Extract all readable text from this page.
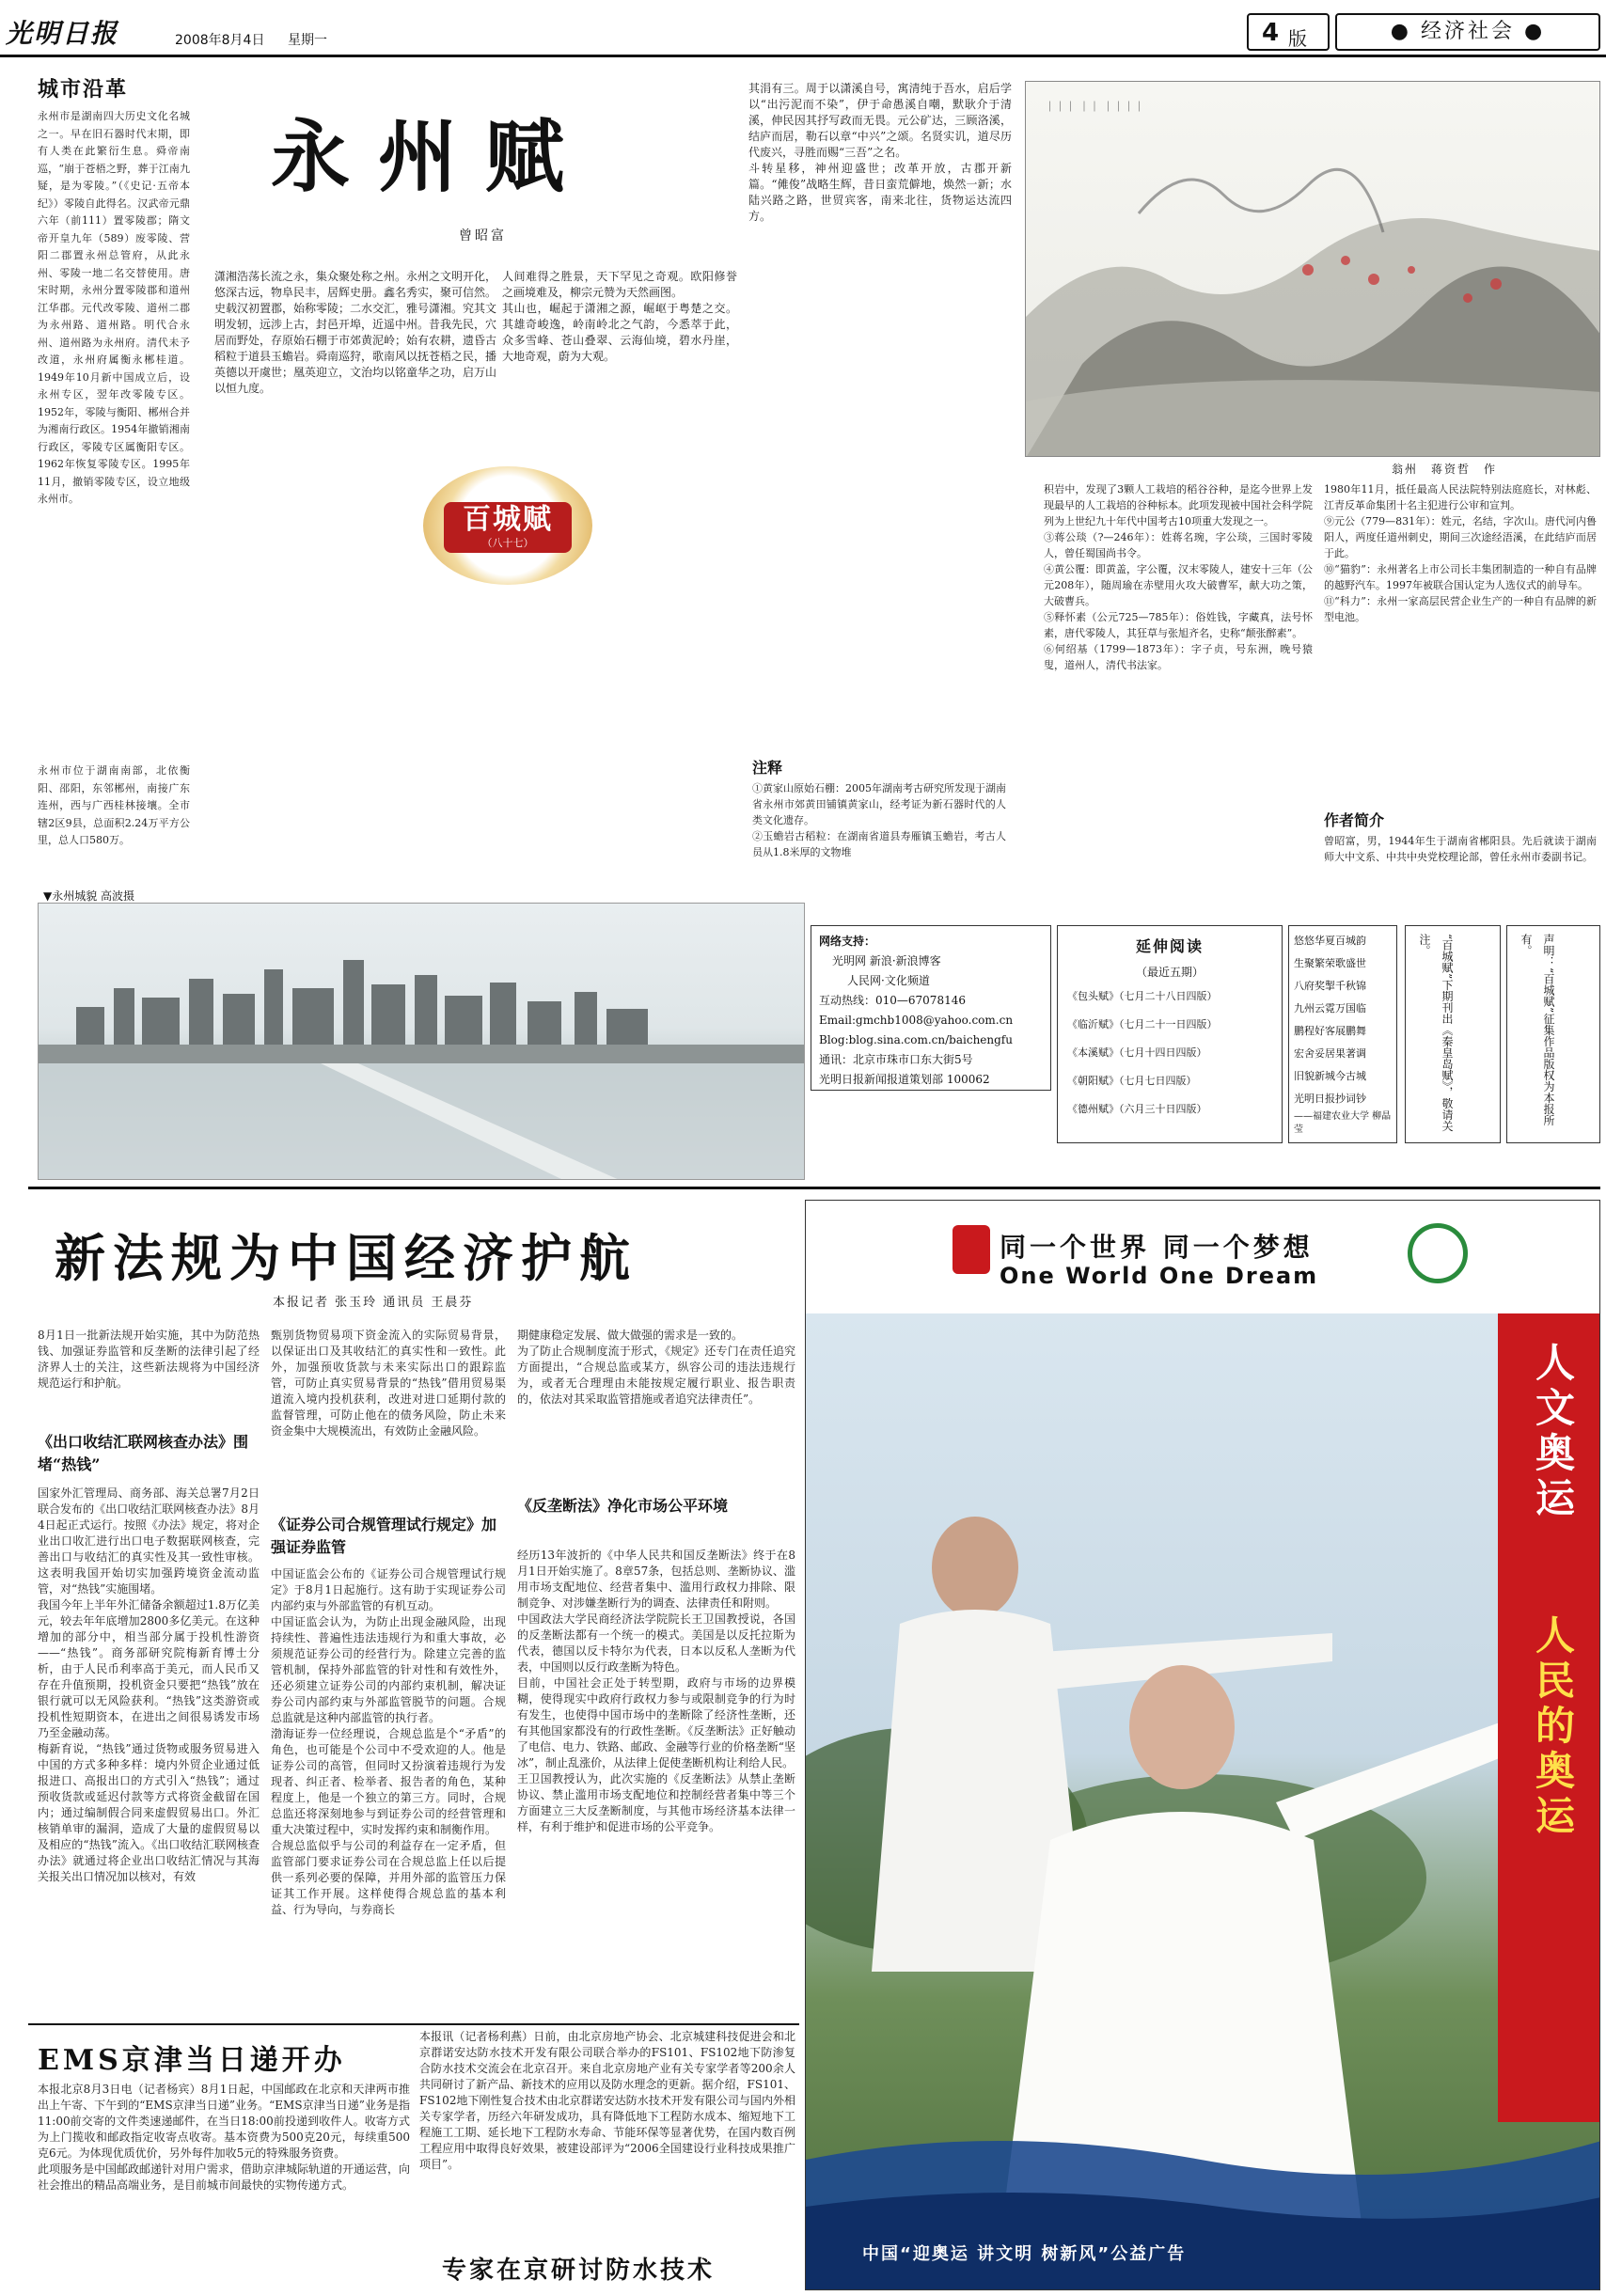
光明日报	2008年8月4日 星期一	4 版	● 经济社会 ●
城市沿革
永州市是湖南四大历史文化名城之一。早在旧石器时代末期，即有人类在此繁衍生息。舜帝南巡，“崩于苍梧之野，葬于江南九疑，是为零陵。”（《史记·五帝本纪》）零陵自此得名。汉武帝元鼎六年（前111）置零陵郡；隋文帝开皇九年（589）废零陵、营阳二郡置永州总管府，从此永州、零陵一地二名交替使用。唐宋时期，永州分置零陵郡和道州江华郡。元代改零陵、道州二郡为永州路、道州路。明代合永州、道州路为永州府。清代未予改道，永州府属衡永郴桂道。1949年10月新中国成立后，设永州专区，翌年改零陵专区。1952年，零陵与衡阳、郴州合并为湘南行政区。1954年撤销湘南行政区，零陵专区属衡阳专区。1962年恢复零陵专区。1995年11月，撤销零陵专区，设立地级永州市。
永州市位于湖南南部，北依衡阳、邵阳，东邻郴州，南接广东连州，西与广西桂林接壤。全市辖2区9县，总面积2.24万平方公里，总人口580万。
永州赋
曾昭富
潇湘浩荡长流之永，集众聚处称之州。永州之文明开化，悠深古远，物阜民丰，居辉史册。鑫名秀实，聚可信然。
史载汉初置郡，始称零陵；二水交汇，雅号潇湘。究其文明发轫，远涉上古，封邑开埠，近遥中州。昔我先民，穴居而野处，存原始石棚于市郊黄泥岭；始有农耕，遗昏古稻粒于道县玉蟾岩。舜南巡狩，歌南风以抚苍梧之民，播英德以开虞世；凰英迎立，文治均以铭童华之功，启万山以恒九度。
百城赋
（八十七）
人间难得之胜景，天下罕见之奇观。欧阳修誉之画境难及，柳宗元赞为天然画图。
其山也，崛起于潇湘之源，崛岖于粤楚之交。其雄奇峻逸，岭南岭北之气韵，今悉萃于此，众多雪峰、苍山叠翠、云海仙境，碧水丹崖，大地奇观，蔚为大观。
其涓有三。周于以潇溪自号，寓清纯于吾水，启后学以“出污泥而不染”，伊于命愚溪自嘲，默耿介于清溪，伸民因其抒写政而无畏。元公矿达，三顾洛溪，结庐而居，勒石以章“中兴”之颂。名贤实讥，道尽历代废兴，寻胜而赐“三吾”之名。
斗转星移，神州迎盛世；改革开放，古郡开新篇。“傩俊”战略生辉，昔日蛮荒僻地，焕然一新；水陆兴路之路，世贸宾客，南来北往，货物运达流四方。
注释
①黄家山原始石棚：2005年湖南考古研究所发现于湖南省永州市郊黄田铺镇黄家山，经考证为新石器时代的人类文化遗存。
②玉蟾岩古稻粒：在湖南省道县寿雁镇玉蟾岩，考古人员从1.8米厚的文物堆
｜｜｜ ｜｜ ｜｜｜｜
翁州　蒋资哲　作
积岩中，发现了3颗人工栽培的稻谷谷种，是迄今世界上发现最早的人工栽培的谷种标本。此项发现被中国社会科学院列为上世纪九十年代中国考古10项重大发现之一。
③蒋公琰（?—246年）：姓蒋名琬，字公琰，三国时零陵人，曾任蜀国尚书令。
④黄公覆：即黄盖，字公覆，汉末零陵人，建安十三年（公元208年），随周瑜在赤壁用火攻大破曹军，献大功之策，大破曹兵。
⑤释怀素（公元725—785年）：俗姓钱，字藏真，法号怀素，唐代零陵人，其狂草与张旭齐名，史称“颠张醉素”。
⑥何绍基（1799—1873年）：字子贞，号东洲，晚号猿叟，道州人，清代书法家。
1980年11月，抵任最高人民法院特别法庭庭长，对林彪、江青反革命集团十名主犯进行公审和宣判。
⑨元公（779—831年）：姓元，名结，字次山。唐代河内鲁阳人，两度任道州刺史，期间三次途经浯溪，在此结庐而居于此。
⑩“猫豹”：永州著名上市公司长丰集团制造的一种自有品牌的越野汽车。1997年被联合国认定为人选仪式的前导车。
⑪“科力”：永州一家高层民营企业生产的一种自有品牌的新型电池。
作者简介
曾昭富，男，1944年生于湖南省郴阳县。先后就读于湖南师大中文系、中共中央党校理论部，曾任永州市委副书记。
▼永州城貌 高波摄
网络支持：
光明网 新浪·新浪博客
人民网·文化频道
互动热线：010—67078146
Email:gmchb1008@yahoo.com.cn
Blog:blog.sina.com.cn/baichengfu
通讯：北京市珠市口东大街5号
光明日报新闻报道策划部 100062
延伸阅读
（最近五期）
《包头赋》（七月二十八日四版）
《临沂赋》（七月二十一日四版）
《本溪赋》（七月十四日四版）
《朝阳赋》（七月七日四版）
《德州赋》（六月三十日四版）
悠悠华夏百城韵
生聚繁荣歌盛世
八府奖掣千秋锦
九州云霓万国临
鹏程好客展鹏舞
宏舍妥居果著调
旧貌新城今古城
光明日报抄词钞
——福建农业大学 柳晶莹	“百城赋”下期刊出《秦皇岛赋》，敬请关注。	声明：“百城赋”征集作品版权为本报所有。
新法规为中国经济护航
本报记者 张玉玲 通讯员 王晨芬
8月1日一批新法规开始实施，其中为防范热钱、加强证券监管和反垄断的法律引起了经济界人士的关注，这些新法规将为中国经济规范运行和护航。
《出口收结汇联网核查办法》围堵“热钱”
国家外汇管理局、商务部、海关总署7月2日联合发布的《出口收结汇联网核查办法》8月4日起正式运行。按照《办法》规定，将对企业出口收汇进行出口电子数据联网核查，完善出口与收结汇的真实性及其一致性审核。这表明我国开始切实加强跨境资金流动监管，对“热钱”实施围堵。
我国今年上半年外汇储备余额超过1.8万亿美元，较去年年底增加2800多亿美元。在这种增加的部分中，相当部分属于投机性游资——“热钱”。商务部研究院梅新育博士分析，由于人民币利率高于美元，而人民币又存在升值预期，投机资金只要把“热钱”放在银行就可以无风险获利。“热钱”这类游资或投机性短期资本，在进出之间很易诱发市场乃至金融动荡。
梅新育说，“热钱”通过货物或服务贸易进入中国的方式多种多样：境内外贸企业通过低报进口、高报出口的方式引入“热钱”；通过预收货款或延迟付款等方式将资金截留在国内；通过编制假合同来虚假贸易出口。外汇核销单审的漏洞，造成了大量的虚假贸易以及相应的“热钱”流入。《出口收结汇联网核查办法》就通过将企业出口收结汇情况与其海关报关出口情况加以核对，有效
甄别货物贸易项下资金流入的实际贸易背景，以保证出口及其收结汇的真实性和一致性。此外，加强预收货款与未来实际出口的跟踪监管，可防止真实贸易背景的“热钱”借用贸易渠道流入境内投机获利，改进对进口延期付款的监督管理，可防止他在的债务风险，防止未来资金集中大规模流出，有效防止金融风险。
《证券公司合规管理试行规定》加强证券监管
中国证监会公布的《证券公司合规管理试行规定》于8月1日起施行。这有助于实现证券公司内部约束与外部监管的有机互动。
中国证监会认为，为防止出现金融风险，出现持续性、普遍性违法违规行为和重大事故，必须规范证券公司的经营行为。除建立完善的监管机制，保持外部监管的针对性和有效性外，还必须建立证券公司的内部约束机制，解决证券公司内部约束与外部监管脱节的问题。合规总监就是这种内部监管的执行者。
渤海证券一位经理说，合规总监是个“矛盾”的角色，也可能是个公司中不受欢迎的人。他是证券公司的高管，但同时又扮演着违规行为发现者、纠正者、检举者、报告者的角色，某种程度上，他是一个独立的第三方。同时，合规总监还将深刻地参与到证券公司的经营管理和重大决策过程中，实时发挥约束和制衡作用。
合规总监似乎与公司的利益存在一定矛盾，但监管部门要求证券公司在合规总监上任以后提供一系列必要的保障，并用外部的监管压力保证其工作开展。这样使得合规总监的基本利益、行为导向，与券商长
期健康稳定发展、做大做强的需求是一致的。
为了防止合规制度流于形式，《规定》还专门在责任追究方面提出，“合规总监或某方，纵容公司的违法违规行为，或者无合理理由未能按规定履行职业、报告职责的，依法对其采取监管措施或者追究法律责任”。
《反垄断法》净化市场公平环境
经历13年波折的《中华人民共和国反垄断法》终于在8月1日开始实施了。8章57条，包括总则、垄断协议、滥用市场支配地位、经营者集中、滥用行政权力排除、限制竞争、对涉嫌垄断行为的调查、法律责任和附则。
中国政法大学民商经济法学院院长王卫国教授说，各国的反垄断法都有一个统一的模式。美国是以反托拉斯为代表，德国以反卡特尔为代表，日本以反私人垄断为代表，中国则以反行政垄断为特色。
目前，中国社会正处于转型期，政府与市场的边界模糊，使得现实中政府行政权力参与或限制竞争的行为时有发生，也使得中国市场中的垄断除了经济性垄断，还有其他国家都没有的行政性垄断。《反垄断法》正好触动了电信、电力、铁路、邮政、金融等行业的价格垄断“坚冰”，制止乱涨价，从法律上促使垄断机构让利给人民。
王卫国教授认为，此次实施的《反垄断法》从禁止垄断协议、禁止滥用市场支配地位和控制经营者集中等三个方面建立三大反垄断制度，与其他市场经济基本法律一样，有利于维护和促进市场的公平竞争。
EMS京津当日递开办
本报北京8月3日电（记者杨宾）8月1日起，中国邮政在北京和天津两市推出上午寄、下午到的“EMS京津当日递”业务。“EMS京津当日递”业务是指11:00前交寄的文件类速递邮件，在当日18:00前投递到收件人。收寄方式为上门揽收和邮政指定收寄点收寄。基本资费为500克20元，每续重500克6元。为体现优质优价，另外每件加收5元的特殊服务资费。
此项服务是中国邮政邮递针对用户需求，借助京津城际轨道的开通运营，向社会推出的精品高端业务，是目前城市间最快的实物传递方式。
本报讯（记者杨利燕）日前，由北京房地产协会、北京城建科技促进会和北京群诺安达防水技术开发有限公司联合举办的FS101、FS102地下防渗复合防水技术交流会在北京召开。来自北京房地产业有关专家学者等200余人共同研讨了新产品、新技术的应用以及防水理念的更新。据介绍，FS101、FS102地下刚性复合技术由北京群诺安达防水技术开发有限公司与国内外相关专家学者，历经六年研发成功，具有降低地下工程防水成本、缩短地下工程施工工期、延长地下工程防水寿命、节能环保等显著优势，在国内数百例工程应用中取得良好效果，被建设部评为“2006全国建设行业科技成果推广项目”。
专家在京研讨防水技术
同一个世界 同一个梦想
One World One Dream
人文奥运
人民的奥运
中国“迎奥运 讲文明 树新风”公益广告
